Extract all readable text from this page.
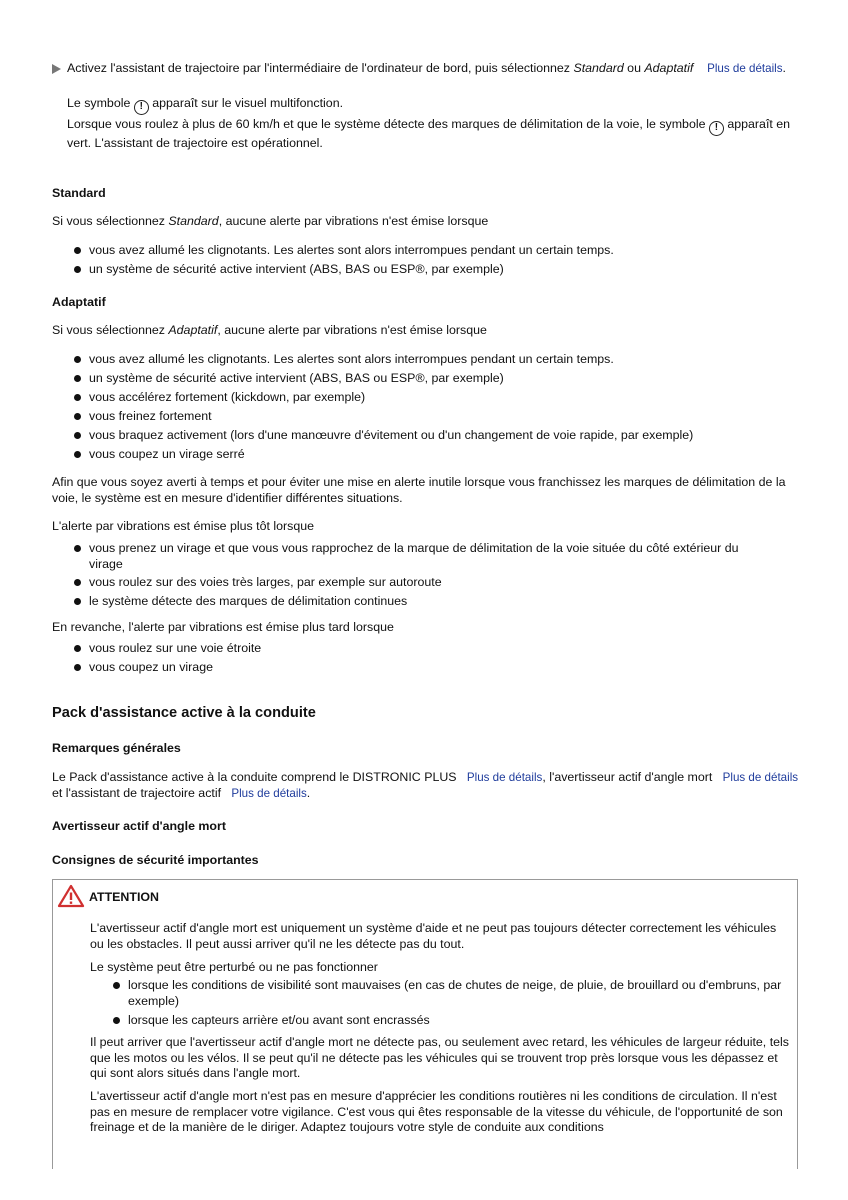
Activez l'assistant de trajectoire par l'intermédiaire de l'ordinateur de bord, puis sélectionnez Standard ou Adaptatif Plus de détails.
Le symbole ! apparaît sur le visuel multifonction.
Lorsque vous roulez à plus de 60 km/h et que le système détecte des marques de délimitation de la voie, le symbole ! apparaît en vert. L'assistant de trajectoire est opérationnel.
Standard
Si vous sélectionnez Standard, aucune alerte par vibrations n'est émise lorsque
vous avez allumé les clignotants. Les alertes sont alors interrompues pendant un certain temps.
un système de sécurité active intervient (ABS, BAS ou ESP®, par exemple)
Adaptatif
Si vous sélectionnez Adaptatif, aucune alerte par vibrations n'est émise lorsque
vous avez allumé les clignotants. Les alertes sont alors interrompues pendant un certain temps.
un système de sécurité active intervient (ABS, BAS ou ESP®, par exemple)
vous accélérez fortement (kickdown, par exemple)
vous freinez fortement
vous braquez activement (lors d'une manœuvre d'évitement ou d'un changement de voie rapide, par exemple)
vous coupez un virage serré
Afin que vous soyez averti à temps et pour éviter une mise en alerte inutile lorsque vous franchissez les marques de délimitation de la voie, le système est en mesure d'identifier différentes situations.
L'alerte par vibrations est émise plus tôt lorsque
vous prenez un virage et que vous vous rapprochez de la marque de délimitation de la voie située du côté extérieur du virage
vous roulez sur des voies très larges, par exemple sur autoroute
le système détecte des marques de délimitation continues
En revanche, l'alerte par vibrations est émise plus tard lorsque
vous roulez sur une voie étroite
vous coupez un virage
Pack d'assistance active à la conduite
Remarques générales
Le Pack d'assistance active à la conduite comprend le DISTRONIC PLUS   Plus de détails, l'avertisseur actif d'angle mort   Plus de détails et l'assistant de trajectoire actif   Plus de détails.
Avertisseur actif d'angle mort
Consignes de sécurité importantes
ATTENTION
L'avertisseur actif d'angle mort est uniquement un système d'aide et ne peut pas toujours détecter correctement les véhicules ou les obstacles. Il peut aussi arriver qu'il ne les détecte pas du tout.
Le système peut être perturbé ou ne pas fonctionner
lorsque les conditions de visibilité sont mauvaises (en cas de chutes de neige, de pluie, de brouillard ou d'embruns, par exemple)
lorsque les capteurs arrière et/ou avant sont encrassés
Il peut arriver que l'avertisseur actif d'angle mort ne détecte pas, ou seulement avec retard, les véhicules de largeur réduite, tels que les motos ou les vélos. Il se peut qu'il ne détecte pas les véhicules qui se trouvent trop près lorsque vous les dépassez et qui sont alors situés dans l'angle mort.
L'avertisseur actif d'angle mort n'est pas en mesure d'apprécier les conditions routières ni les conditions de circulation. Il n'est pas en mesure de remplacer votre vigilance. C'est vous qui êtes responsable de la vitesse du véhicule, de l'opportunité de son freinage et de la manière de le diriger. Adaptez toujours votre style de conduite aux conditions
